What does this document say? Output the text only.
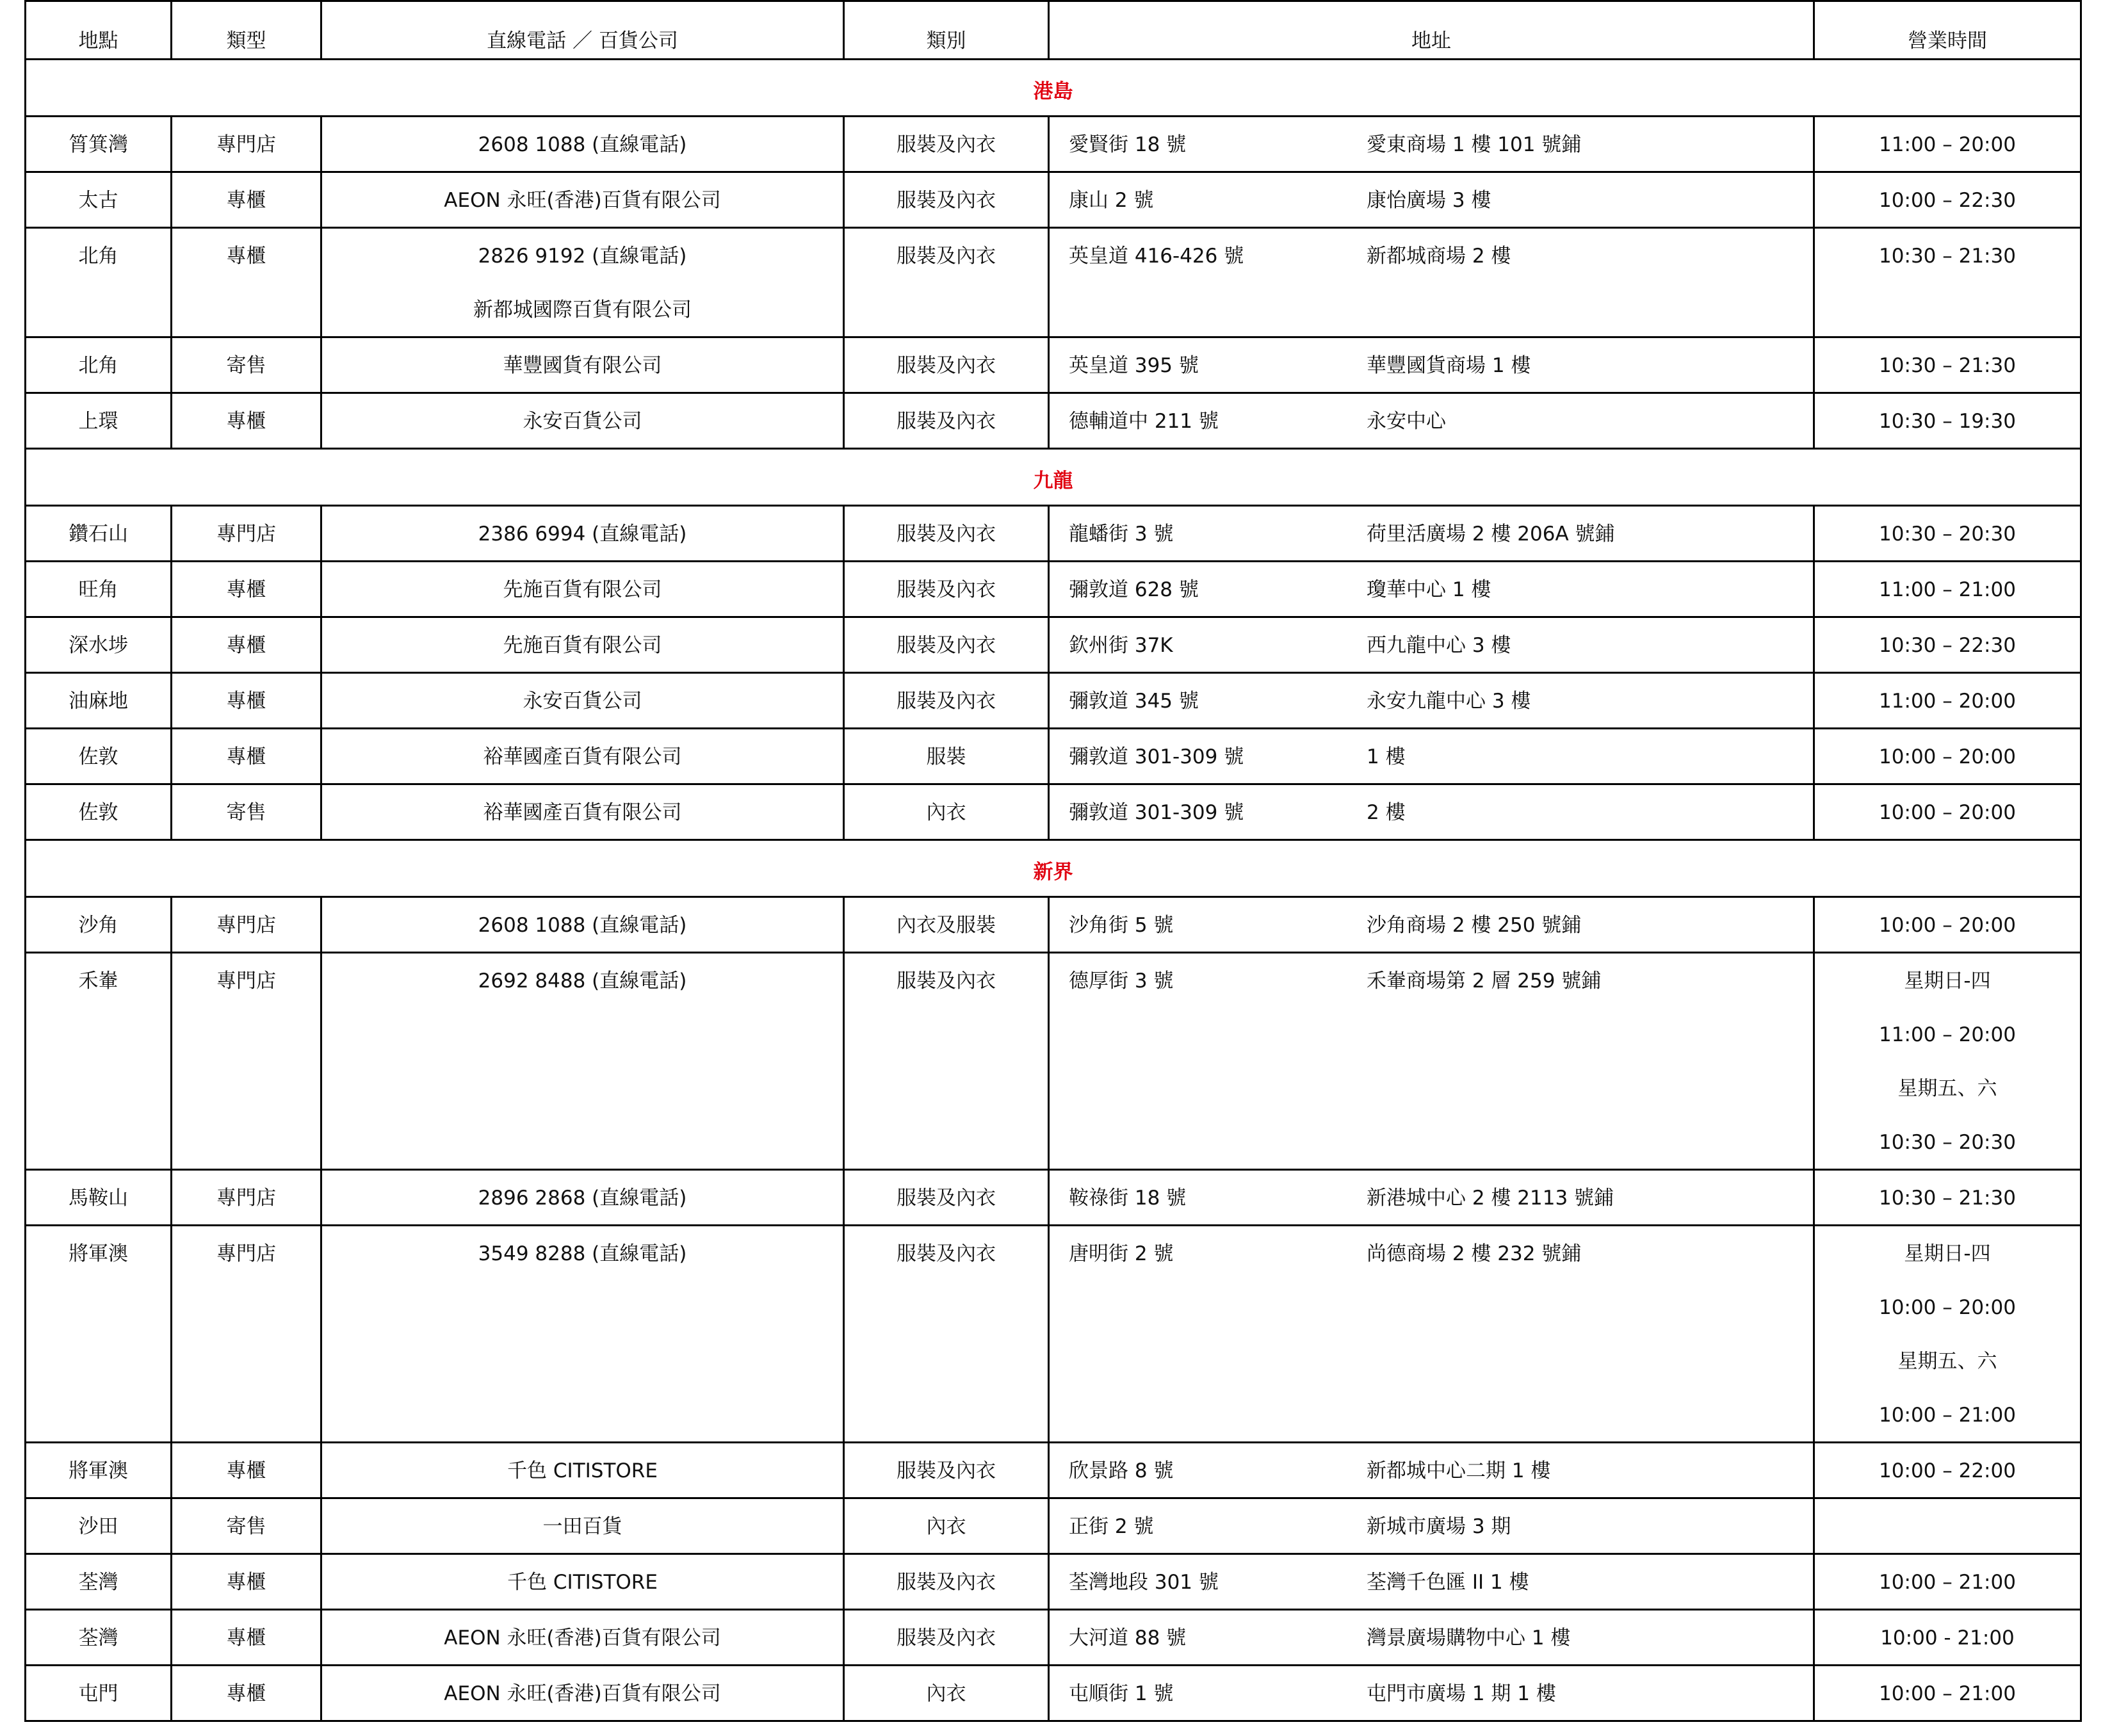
地點	類型	直線電話 ／ 百貨公司	類別	地址	營業時間
港島					

筲箕灣	專門店	2608 1088 (直線電話)	服裝及內衣	愛賢街 18 號 愛東商場 1 樓 101 號鋪	11:00 – 20:00

太古	專櫃	AEON 永旺(香港)百貨有限公司	服裝及內衣	康山 2 號 康怡廣場 3 樓	10:00 – 22:30

北角	專櫃	2826 9192 (直線電話)
新都城國際百貨有限公司	服裝及內衣	英皇道 416-426 號 新都城商場 2 樓	10:30 – 21:30

北角	寄售	華豐國貨有限公司	服裝及內衣	英皇道 395 號 華豐國貨商場 1 樓	10:30 – 21:30

上環	專櫃	永安百貨公司	服裝及內衣	德輔道中 211 號 永安中心	10:30 – 19:30

九龍					

鑽石山	專門店	2386 6994 (直線電話)	服裝及內衣	龍蟠街 3 號 荷里活廣場 2 樓 206A 號鋪	10:30 – 20:30

旺角	專櫃	先施百貨有限公司	服裝及內衣	彌敦道 628 號 瓊華中心 1 樓	11:00 – 21:00

深水埗	專櫃	先施百貨有限公司	服裝及內衣	欽州街 37K 西九龍中心 3 樓	10:30 – 22:30

油麻地	專櫃	永安百貨公司	服裝及內衣	彌敦道 345 號 永安九龍中心 3 樓	11:00 – 20:00

佐敦	專櫃	裕華國產百貨有限公司	服裝	彌敦道 301-309 號 1 樓	10:00 – 20:00

佐敦	寄售	裕華國產百貨有限公司	內衣	彌敦道 301-309 號 2 樓	10:00 – 20:00

新界					

沙角	專門店	2608 1088 (直線電話)	內衣及服裝	沙角街 5 號 沙角商場 2 樓 250 號鋪	10:00 – 20:00

禾輋	專門店	2692 8488 (直線電話)	服裝及內衣	德厚街 3 號 禾輋商場第 2 層 259 號鋪	星期日-四
11:00 – 20:00
星期五、六
10:30 – 20:30

馬鞍山	專門店	2896 2868 (直線電話)	服裝及內衣	鞍祿街 18 號 新港城中心 2 樓 2113 號鋪	10:30 – 21:30

將軍澳	專門店	3549 8288 (直線電話)	服裝及內衣	唐明街 2 號 尚德商場 2 樓 232 號鋪	星期日-四
10:00 – 20:00
星期五、六
10:00 – 21:00

將軍澳	專櫃	千色 CITISTORE	服裝及內衣	欣景路 8 號 新都城中心二期 1 樓	10:00 – 22:00

沙田	寄售	一田百貨	內衣	正街 2 號 新城市廣場 3 期	

荃灣	專櫃	千色 CITISTORE	服裝及內衣	荃灣地段 301 號 荃灣千色匯 II 1 樓	10:00 – 21:00

荃灣	專櫃	AEON 永旺(香港)百貨有限公司	服裝及內衣	大河道 88 號 灣景廣場購物中心 1 樓	10:00 - 21:00

屯門	專櫃	AEON 永旺(香港)百貨有限公司	內衣	屯順街 1 號 屯門市廣場 1 期 1 樓	10:00 – 21:00
